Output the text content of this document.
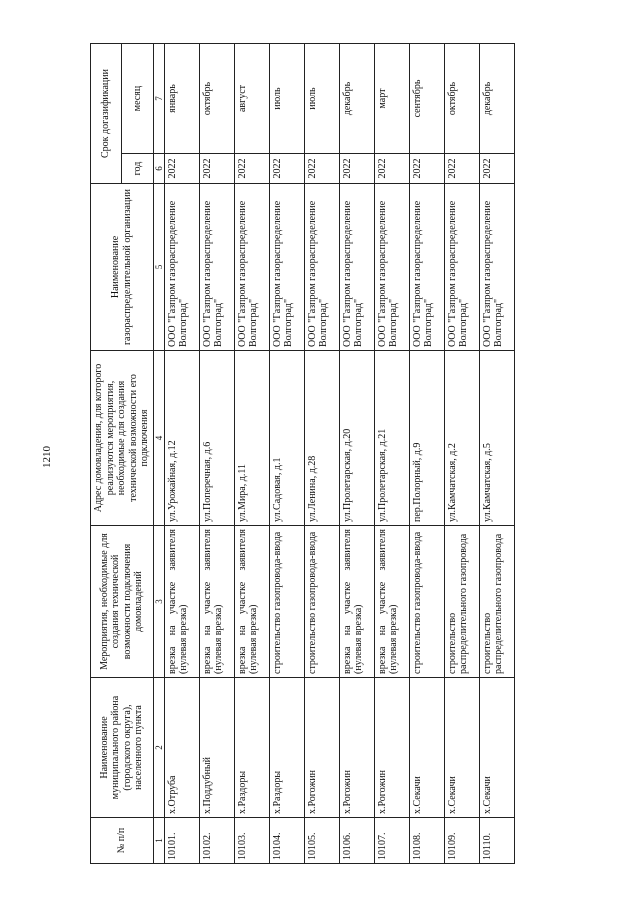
1210
№ п/п	Наименование муниципального района (городского округа), населенного пункта	Мероприятия, необходимые для создания технической возможности подключения домовладений	Адрес домовладения, для которого реализуются мероприятия, необходимые для создания технической возможности его подключения	Наименование газораспределительной организации	Срок догазификации	
					год	месяц
1	2	3	4	5	6	7
10101.	х.Отруба	врезка на участке заявителя (нулевая врезка)	ул.Урожайная, д.12	ООО "Газпром газораспределение Волгоград"	2022	январь
10102.	х.Поддубный	врезка на участке заявителя (нулевая врезка)	ул.Поперечная, д.6	ООО "Газпром газораспределение Волгоград"	2022	октябрь
10103.	х.Раздоры	врезка на участке заявителя (нулевая врезка)	ул.Мира, д.11	ООО "Газпром газораспределение Волгоград"	2022	август
10104.	х.Раздоры	строительство газопровода-ввода	ул.Садовая, д.1	ООО "Газпром газораспределение Волгоград"	2022	июль
10105.	х.Рогожин	строительство газопровода-ввода	ул.Ленина, д.28	ООО "Газпром газораспределение Волгоград"	2022	июль
10106.	х.Рогожин	врезка на участке заявителя (нулевая врезка)	ул.Пролетарская, д.20	ООО "Газпром газораспределение Волгоград"	2022	декабрь
10107.	х.Рогожин	врезка на участке заявителя (нулевая врезка)	ул.Пролетарская, д.21	ООО "Газпром газораспределение Волгоград"	2022	март
10108.	х.Секачи	строительство газопровода-ввода	пер.Полорный, д.9	ООО "Газпром газораспределение Волгоград"	2022	сентябрь
10109.	х.Секачи	строительство распределительного газопровода	ул.Камчатская, д.2	ООО "Газпром газораспределение Волгоград"	2022	октябрь
10110.	х.Секачи	строительство распределительного газопровода	ул.Камчатская, д.5	ООО "Газпром газораспределение Волгоград"	2022	декабрь
